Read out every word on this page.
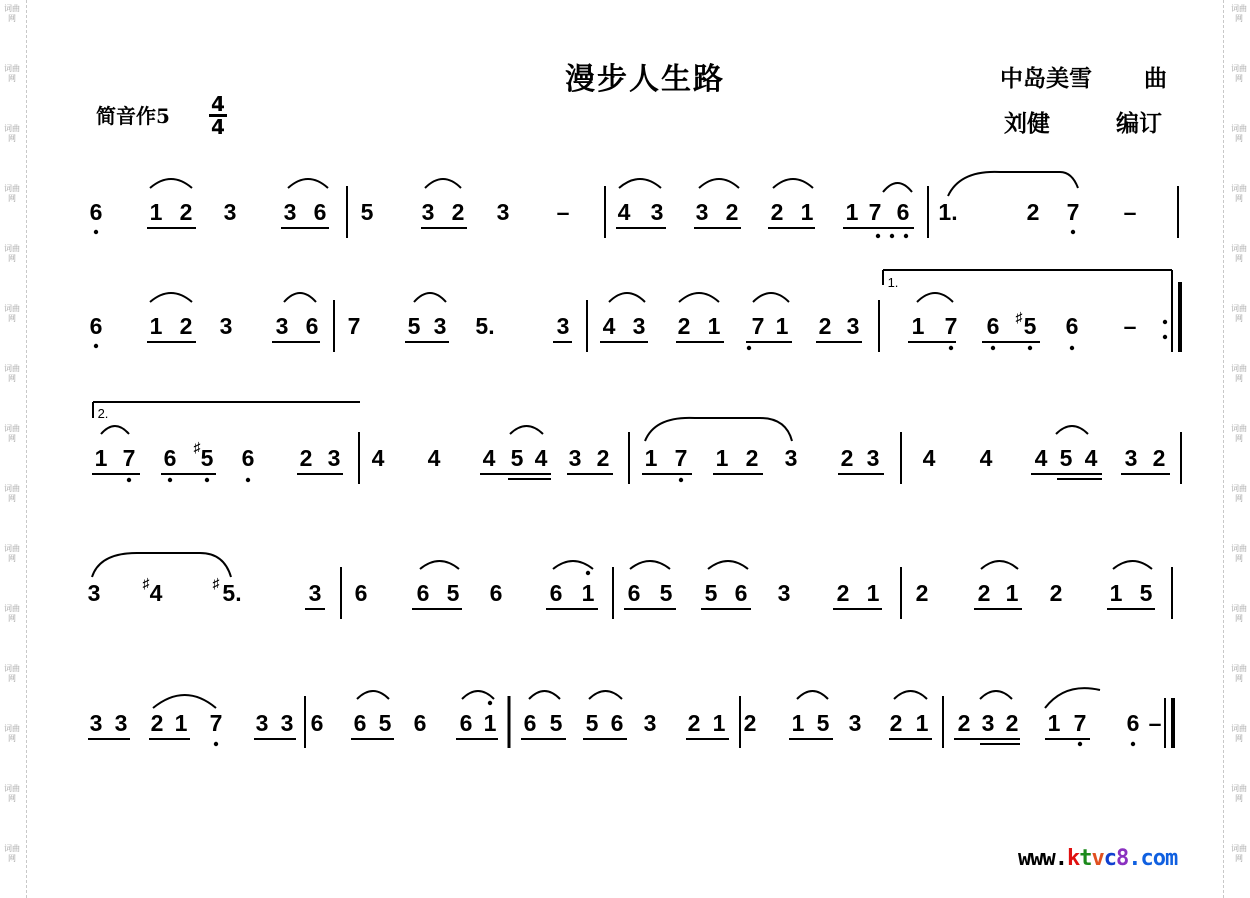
漫步人生路	中岛美雪 曲
刘健	编订
简音作5 4
4
6 1 2 3 3 6 5 3 2 3 – 4 3 3 2 2 1 1 7 6 1.	2 7 –
6 1 2 3 3 6 7 5 3 5.	3 4 3 2 1 7 1 2 3 1 7 6 5 6 –
1 7 6 5 6 2 3 4 4 4 5 4 3 2 1 7 1 2 3 2 3 4 4 4 5 4 3 2
3 4	5.	3 6 6 5 6 6 1 6 5 5 6 3 2 1 2 2 1 2 1 5
3 3 2 1 7 3 3 6 6 5 6 6 1 6 5 5 6 3 2 1 2 1 5 3 2 1 2 3 2 1 7 6 –
♯
1.
♯
2.
♯	♯
www.ktvc8.com
词曲网
词曲网
词曲网
词曲网
词曲网
词曲网
词曲网
词曲网
词曲网
词曲网
词曲网
词曲网
词曲网
词曲网
词曲网
词曲网
词曲网
词曲网
词曲网
词曲网
词曲网
词曲网
词曲网
词曲网
词曲网
词曲网
词曲网
词曲网
词曲网
词曲网
